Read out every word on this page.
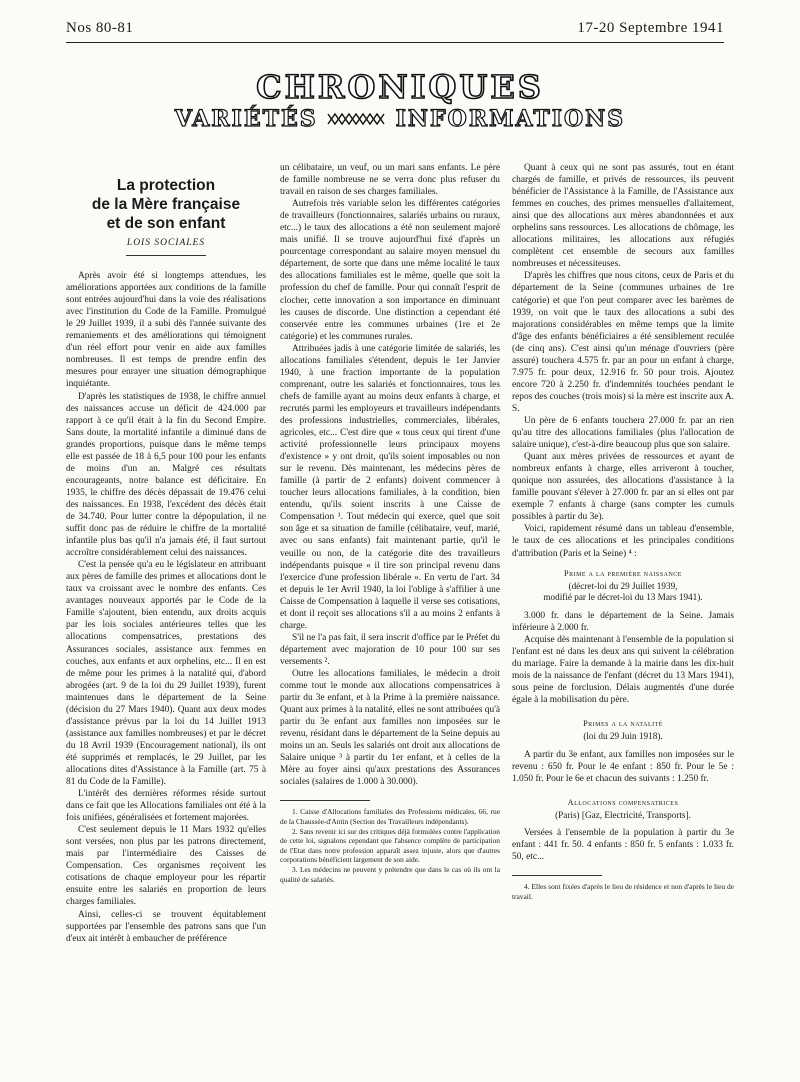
Nos 80-81	17-20 Septembre 1941
CHRONIQUES
VARIÉTÉS	INFORMATIONS
La protection
de la Mère française
et de son enfant
LOIS SOCIALES

Après avoir été si longtemps attendues, les améliorations apportées aux conditions de la famille sont entrées aujourd'hui dans la voie des réalisations avec l'institution du Code de la Famille. Promulgué le 29 Juillet 1939, il a subi dès l'année suivante des remaniements et des améliorations qui témoignent d'un réel effort pour venir en aide aux familles nombreuses. Il est temps de prendre enfin des mesures pour enrayer une situation démographique inquiétante.

D'après les statistiques de 1938, le chiffre annuel des naissances accuse un déficit de 424.000 par rapport à ce qu'il était à la fin du Second Empire. Sans doute, la mortalité infantile a diminué dans de grandes proportions, puisque dans le même temps elle est passée de 18 à 6,5 pour 100 pour les enfants de moins d'un an. Malgré ces résultats encourageants, notre balance est déficitaire. En 1935, le chiffre des décès dépassait de 19.476 celui des naissances. En 1938, l'excédent des décès était de 34.740. Pour lutter contre la dépopulation, il ne suffit donc pas de réduire le chiffre de la mortalité infantile plus bas qu'il n'a jamais été, il faut surtout accroître considérablement celui des naissances.

C'est la pensée qu'a eu le législateur en attribuant aux pères de famille des primes et allocations dont le taux va croissant avec le nombre des enfants. Ces avantages nouveaux apportés par le Code de la Famille s'ajoutent, bien entendu, aux droits acquis par les lois sociales antérieures telles que les allocations compensatrices, prestations des Assurances sociales, assistance aux femmes en couches, aux enfants et aux orphelins, etc... Il en est de même pour les primes à la natalité qui, d'abord abrogées (art. 9 de la loi du 29 Juillet 1939), furent maintenues dans le département de la Seine (décision du 27 Mars 1940). Quant aux deux modes d'assistance prévus par la loi du 14 Juillet 1913 (assistance aux familles nombreuses) et par le décret du 18 Avril 1939 (Encouragement national), ils ont été supprimés et remplacés, le 29 Juillet, par les allocations dites d'Assistance à la Famille (art. 75 à 81 du Code de la Famille).

L'intérêt des dernières réformes réside surtout dans ce fait que les Allocations familiales ont été à la fois unifiées, généralisées et fortement majorées.

C'est seulement depuis le 11 Mars 1932 qu'elles sont versées, non plus par les patrons directement, mais par l'intermédiaire des Caisses de Compensation. Ces organismes reçoivent les cotisations de chaque employeur pour les répartir ensuite entre les salariés en proportion de leurs charges familiales.

Ainsi, celles-ci se trouvent équitablement supportées par l'ensemble des patrons sans que l'un d'eux ait intérêt à embaucher de préférence

un célibataire, un veuf, ou un mari sans enfants. Le père de famille nombreuse ne se verra donc plus refuser du travail en raison de ses charges familiales.

Autrefois très variable selon les différentes catégories de travailleurs (fonctionnaires, salariés urbains ou ruraux, etc...) le taux des allocations a été non seulement majoré mais unifié. Il se trouve aujourd'hui fixé d'après un pourcentage correspondant au salaire moyen mensuel du département, de sorte que dans une même localité le taux des allocations familiales est le même, quelle que soit la profession du chef de famille. Pour qui connaît l'esprit de clocher, cette innovation a son importance en diminuant les causes de discorde. Une distinction a cependant été conservée entre les communes urbaines (1re et 2e catégorie) et les communes rurales.

Attribuées jadis à une catégorie limitée de salariés, les allocations familiales s'étendent, depuis le 1er Janvier 1940, à une fraction importante de la population comprenant, outre les salariés et fonctionnaires, tous les chefs de famille ayant au moins deux enfants à charge, et recrutés parmi les employeurs et travailleurs indépendants des professions industrielles, commerciales, libérales, agricoles, etc... C'est dire que « tous ceux qui tirent d'une activité professionnelle leurs principaux moyens d'existence » y ont droit, qu'ils soient imposables ou non sur le revenu. Dès maintenant, les médecins pères de famille (à partir de 2 enfants) doivent commencer à toucher leurs allocations familiales, à la condition, bien entendu, qu'ils soient inscrits à une Caisse de Compensation ¹. Tout médecin qui exerce, quel que soit son âge et sa situation de famille (célibataire, veuf, marié, avec ou sans enfants) fait maintenant partie, qu'il le veuille ou non, de la catégorie dite des travailleurs indépendants puisque « il tire son principal revenu dans l'exercice d'une profession libérale ». En vertu de l'art. 34 et depuis le 1er Avril 1940, la loi l'oblige à s'affilier à une Caisse de Compensation à laquelle il verse ses cotisations, et dont il reçoit ses allocations s'il a au moins 2 enfants à charge.

S'il ne l'a pas fait, il sera inscrit d'office par le Préfet du département avec majoration de 10 pour 100 sur ses versements ².

Outre les allocations familiales, le médecin a droit comme tout le monde aux allocations compensatrices à partir du 3e enfant, et à la Prime à la première naissance. Quant aux primes à la natalité, elles ne sont attribuées qu'à partir du 3e enfant aux familles non imposées sur le revenu, résidant dans le département de la Seine depuis au moins un an. Seuls les salariés ont droit aux allocations de Salaire unique ³ à partir du 1er enfant, et à celles de la Mère au foyer ainsi qu'aux prestations des Assurances sociales (salaires de 1.000 à 30.000).

1. Caisse d'Allocations familiales des Professions médicales, 66, rue de la Chaussée-d'Antin (Section des Travailleurs indépendants).

2. Sans revenir ici sur des critiques déjà formulées contre l'application de cette loi, signalons cependant que l'absence complète de participation de l'Etat dans notre profession apparaît assez injuste, alors que d'autres corporations bénéficient largement de son aide.

3. Les médecins ne peuvent y prétendre que dans le cas où ils ont la qualité de salariés.

Quant à ceux qui ne sont pas assurés, tout en étant chargés de famille, et privés de ressources, ils peuvent bénéficier de l'Assistance à la Famille, de l'Assistance aux femmes en couches, des primes mensuelles d'allaitement, ainsi que des allocations aux mères abandonnées et aux orphelins sans ressources. Les allocations de chômage, les allocations militaires, les allocations aux réfugiés complètent cet ensemble de secours aux familles nombreuses et nécessiteuses.

D'après les chiffres que nous citons, ceux de Paris et du département de la Seine (communes urbaines de 1re catégorie) et que l'on peut comparer avec les barèmes de 1939, on voit que le taux des allocations a subi des majorations considérables en même temps que la limite d'âge des enfants bénéficiaires a été sensiblement reculée (de cinq ans). C'est ainsi qu'un ménage d'ouvriers (père assuré) touchera 4.575 fr. par an pour un enfant à charge, 7.975 fr. pour deux, 12.916 fr. 50 pour trois. Ajoutez encore 720 à 2.250 fr. d'indemnités touchées pendant le repos des couches (trois mois) si la mère est inscrite aux A. S.

Un père de 6 enfants touchera 27.000 fr. par an rien qu'au titre des allocations familiales (plus l'allocation de salaire unique), c'est-à-dire beaucoup plus que son salaire.

Quant aux mères privées de ressources et ayant de nombreux enfants à charge, elles arriveront à toucher, quoique non assurées, des allocations d'assistance à la famille pouvant s'élever à 27.000 fr. par an si elles ont par exemple 7 enfants à charge (sans compter les cumuls possibles à partir du 3e).

Voici, rapidement résumé dans un tableau d'ensemble, le taux de ces allocations et les principales conditions d'attribution (Paris et la Seine) ⁴ :

Prime a la première naissance
(décret-loi du 29 Juillet 1939,
modifié par le décret-loi du 13 Mars 1941).

3.000 fr. dans le département de la Seine. Jamais inférieure à 2.000 fr.

Acquise dès maintenant à l'ensemble de la population si l'enfant est né dans les deux ans qui suivent la célébration du mariage. Faire la demande à la mairie dans les dix-huit mois de la naissance de l'enfant (décret du 13 Mars 1941), sous peine de forclusion. Délais augmentés d'une durée égale à la mobilisation du père.

Primes a la natalité
(loi du 29 Juin 1918).

A partir du 3e enfant, aux familles non imposées sur le revenu : 650 fr. Pour le 4e enfant : 850 fr. Pour le 5e : 1.050 fr. Pour le 6e et chacun des suivants : 1.250 fr.

Allocations compensatrices
(Paris) [Gaz, Electricité, Transports].

Versées à l'ensemble de la population à partir du 3e enfant : 441 fr. 50. 4 enfants : 850 fr. 5 enfants : 1.033 fr. 50, etc...

4. Elles sont fixées d'après le lieu de résidence et non d'après le lieu de travail.
